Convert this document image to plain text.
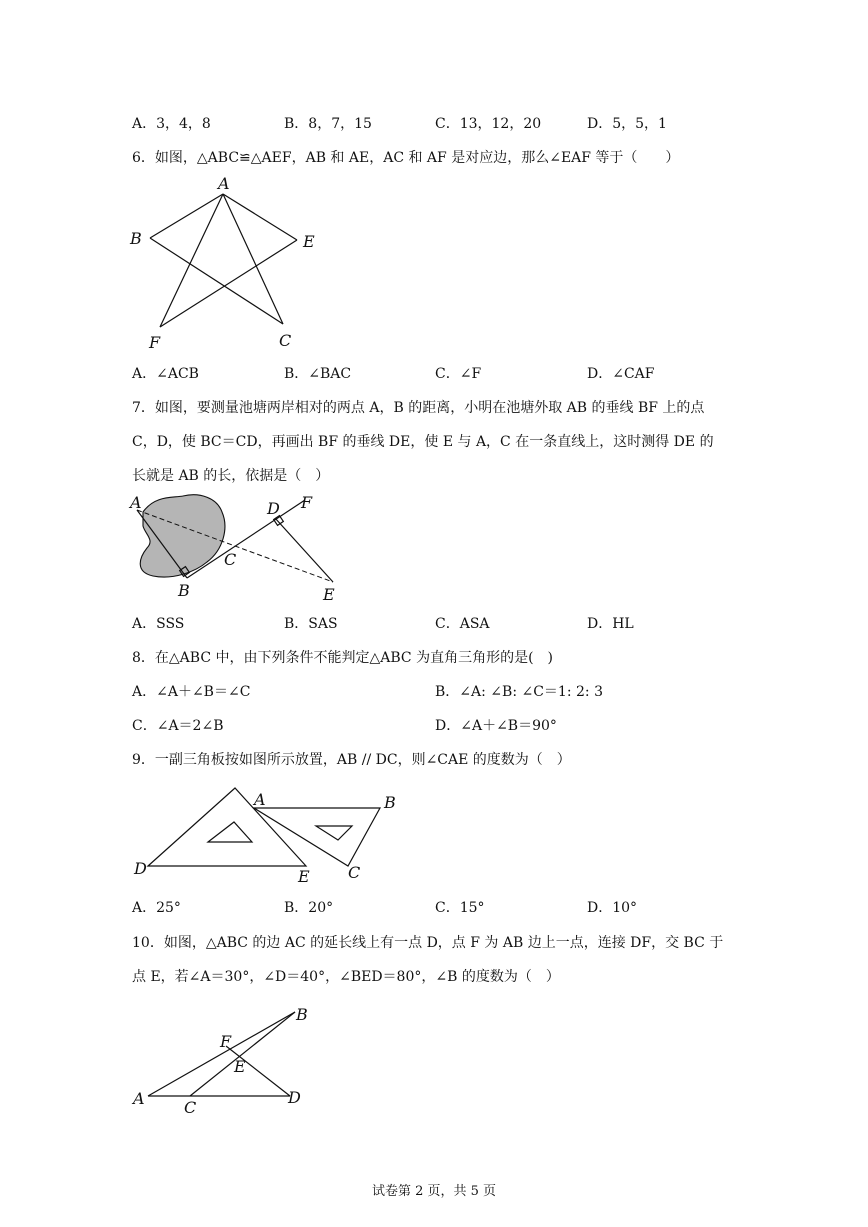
A．3，4，8	B．8，7，15	C．13，12，20	D．5，5，1
6．如图，△ABC≌△AEF，AB 和 AE，AC 和 AF 是对应边，那么∠EAF 等于（　　）
A
B	E
F	C
A．∠ACB	B．∠BAC	C．∠F	D．∠CAF
7．如图，要测量池塘两岸相对的两点 A，B 的距离，小明在池塘外取 AB 的垂线 BF 上的点
C，D，使 BC＝CD，再画出 BF 的垂线 DE，使 E 与 A，C 在一条直线上，这时测得 DE 的
长就是 AB 的长，依据是（　）
A	D F
C
B	E
A．SSS	B．SAS	C．ASA	D．HL
8．在△ABC 中，由下列条件不能判定△ABC 为直角三角形的是(　)
A．∠A＋∠B＝∠C	B．∠A: ∠B: ∠C＝1: 2: 3
C．∠A＝2∠B	D．∠A＋∠B＝90°
9．一副三角板按如图所示放置，AB // DC，则∠CAE 的度数为（　）
A	B
D	E C
A．25°	B．20°	C．15°	D．10°
10．如图，△ABC 的边 AC 的延长线上有一点 D，点 F 为 AB 边上一点，连接 DF，交 BC 于
点 E，若∠A＝30°，∠D＝40°，∠BED＝80°，∠B 的度数为（　）
B
F
E
A C
D
试卷第 2 页，共 5 页
